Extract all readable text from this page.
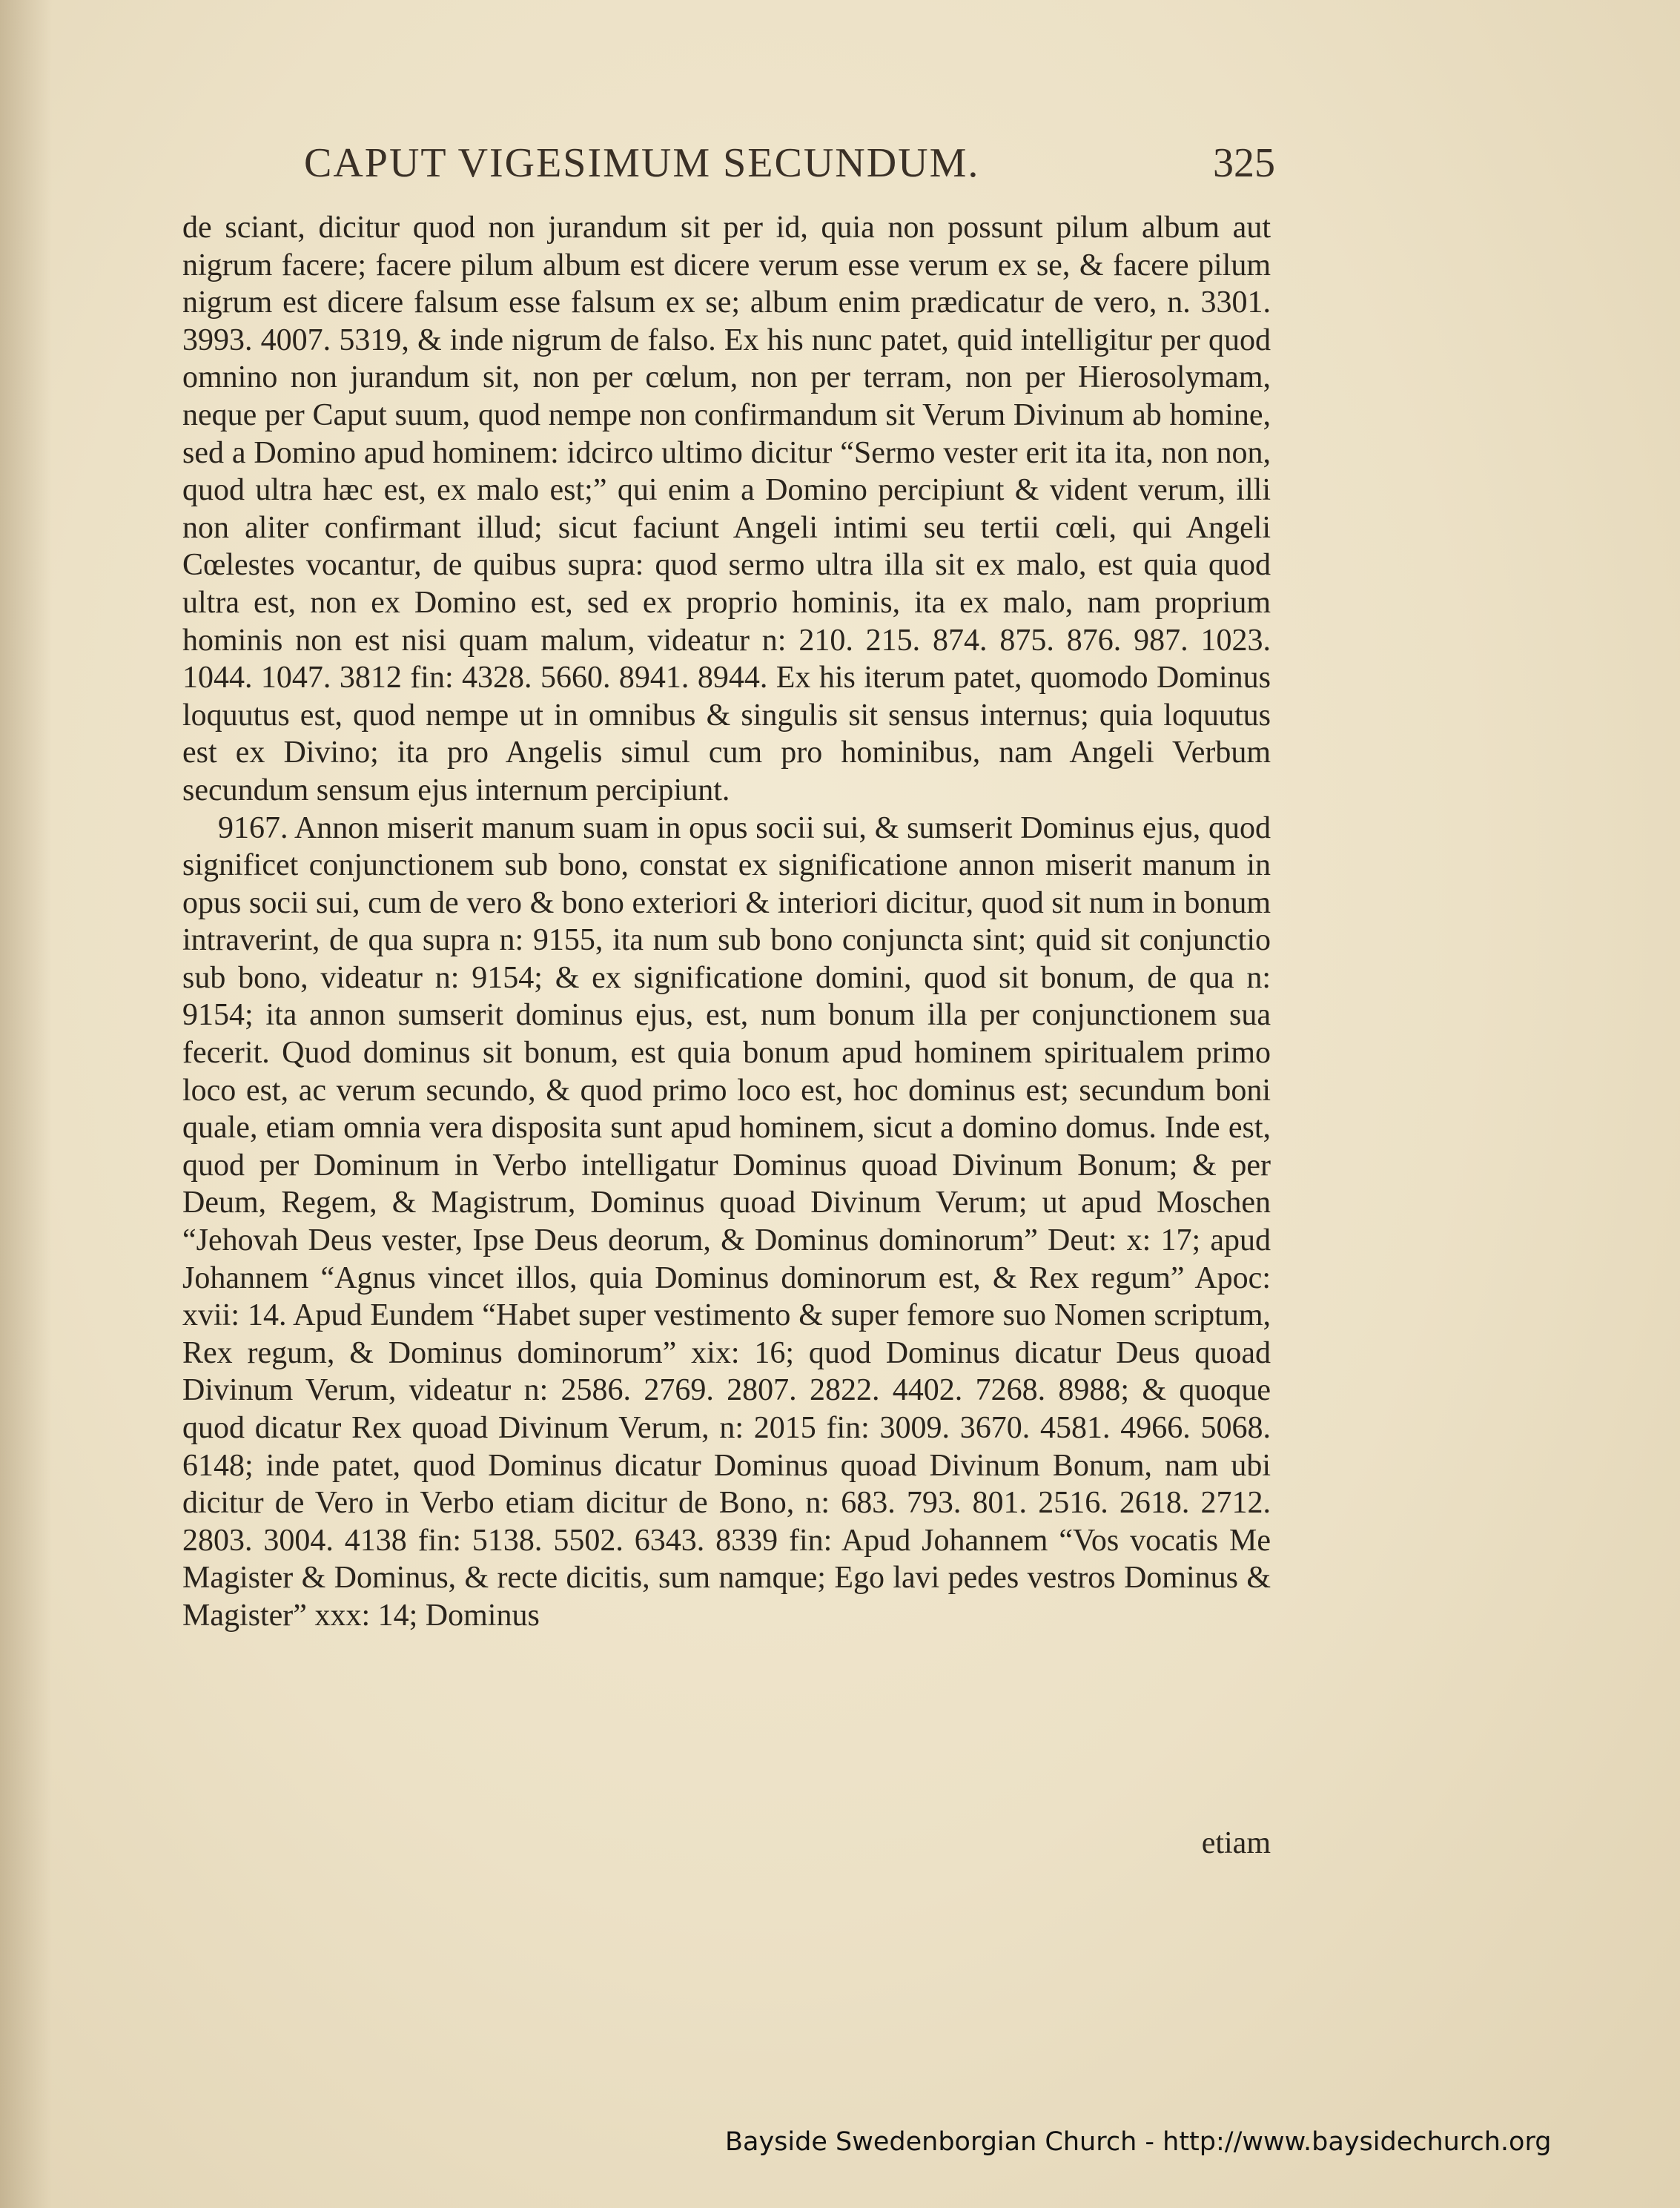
CAPUT VIGESIMUM SECUNDUM.	325

de sciant, dicitur quod non jurandum sit per id, quia non possunt pilum album aut nigrum facere; facere pilum album est dicere verum esse verum ex se, & facere pilum nigrum est dicere falsum esse falsum ex se; album enim prædicatur de vero, n. 3301. 3993. 4007. 5319, & inde nigrum de falso. Ex his nunc patet, quid intelligitur per quod omnino non jurandum sit, non per cœlum, non per terram, non per Hierosolymam, neque per Caput suum, quod nempe non confirmandum sit Verum Divinum ab homine, sed a Domino apud hominem: idcirco ultimo dicitur “Sermo vester erit ita ita, non non, quod ultra hæc est, ex malo est;” qui enim a Domino percipiunt & vident verum, illi non aliter confirmant illud; sicut faciunt Angeli intimi seu tertii cœli, qui Angeli Cœlestes vocantur, de quibus supra: quod sermo ultra illa sit ex malo, est quia quod ultra est, non ex Domino est, sed ex proprio hominis, ita ex malo, nam proprium hominis non est nisi quam malum, videatur n: 210. 215. 874. 875. 876. 987. 1023. 1044. 1047. 3812 fin: 4328. 5660. 8941. 8944. Ex his iterum patet, quomodo Dominus loquutus est, quod nempe ut in omnibus & singulis sit sensus internus; quia loquutus est ex Divino; ita pro Angelis simul cum pro hominibus, nam Angeli Verbum secundum sensum ejus internum percipiunt.

9167. Annon miserit manum suam in opus socii sui, & sumserit Dominus ejus, quod significet conjunctionem sub bono, constat ex significatione annon miserit manum in opus socii sui, cum de vero & bono exteriori & interiori dicitur, quod sit num in bonum intraverint, de qua supra n: 9155, ita num sub bono conjuncta sint; quid sit conjunctio sub bono, videatur n: 9154; & ex significatione domini, quod sit bonum, de qua n: 9154; ita annon sumserit dominus ejus, est, num bonum illa per conjunctionem sua fecerit. Quod dominus sit bonum, est quia bonum apud hominem spiritualem primo loco est, ac verum secundo, & quod primo loco est, hoc dominus est; secundum boni quale, etiam omnia vera disposita sunt apud hominem, sicut a domino domus. Inde est, quod per Dominum in Verbo intelligatur Dominus quoad Divinum Bonum; & per Deum, Regem, & Magistrum, Dominus quoad Divinum Verum; ut apud Moschen “Jehovah Deus vester, Ipse Deus deorum, & Dominus dominorum” Deut: x: 17; apud Johannem “Agnus vincet illos, quia Dominus dominorum est, & Rex regum” Apoc: xvii: 14. Apud Eundem “Habet super vestimento & super femore suo Nomen scriptum, Rex regum, & Dominus dominorum” xix: 16; quod Dominus dicatur Deus quoad Divinum Verum, videatur n: 2586. 2769. 2807. 2822. 4402. 7268. 8988; & quoque quod dicatur Rex quoad Divinum Verum, n: 2015 fin: 3009. 3670. 4581. 4966. 5068. 6148; inde patet, quod Dominus dicatur Dominus quoad Divinum Bonum, nam ubi dicitur de Vero in Verbo etiam dicitur de Bono, n: 683. 793. 801. 2516. 2618. 2712. 2803. 3004. 4138 fin: 5138. 5502. 6343. 8339 fin: Apud Johannem “Vos vocatis Me Magister & Dominus, & recte dicitis, sum namque; Ego lavi pedes vestros Dominus & Magister” xxx: 14; Dominus

etiam
Bayside Swedenborgian Church - http://www.baysidechurch.org
